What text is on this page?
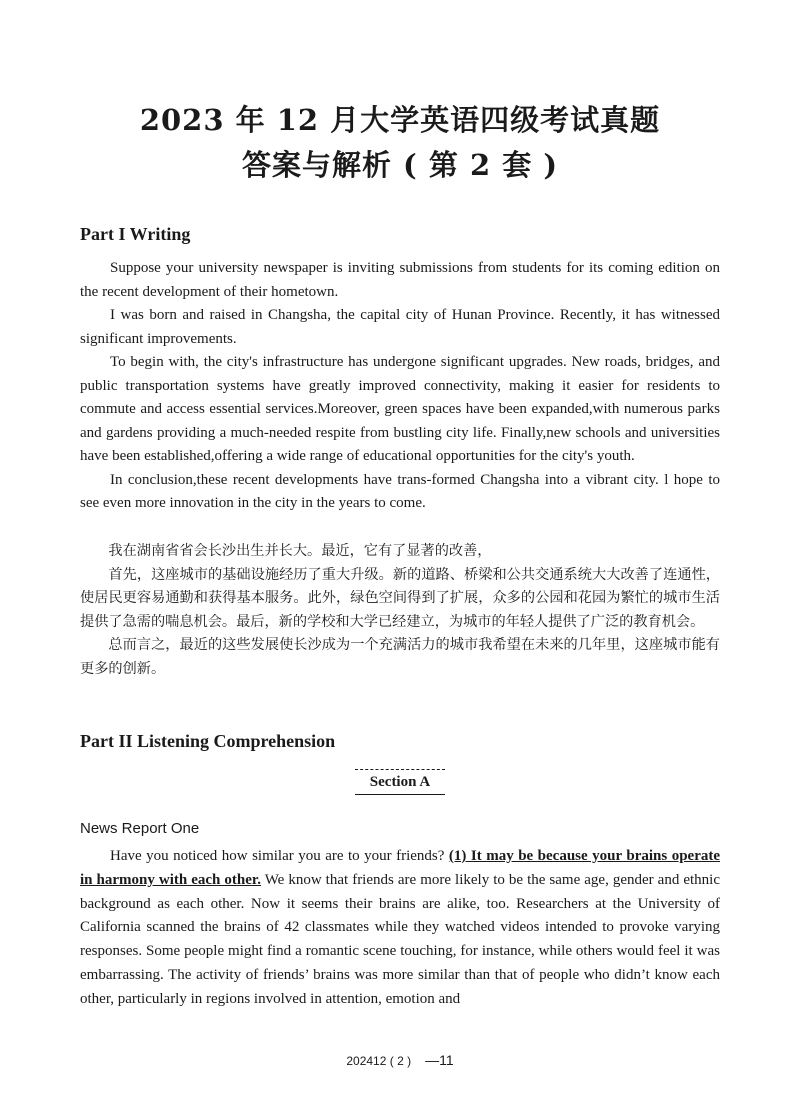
2023 年 12 月大学英语四级考试真题
答案与解析 ( 第 2 套 )
Part I Writing

Suppose your university newspaper is inviting submissions from students for its coming edition on the recent development of their hometown.

I was born and raised in Changsha, the capital city of Hunan Province. Recently, it has witnessed significant improvements.

To begin with, the city's infrastructure has undergone significant upgrades. New roads, bridges, and public transportation systems have greatly improved connectivity, making it easier for residents to commute and access essential services.Moreover, green spaces have been expanded,with numerous parks and gardens providing a much-needed respite from bustling city life. Finally,new schools and universities have been established,offering a wide range of educational opportunities for the city's youth.

In conclusion,these recent developments have trans-formed Changsha into a vibrant city. l hope to see even more innovation in the city in the years to come.

我在湖南省省会长沙出生并长大。最近，它有了显著的改善，

首先，这座城市的基础设施经历了重大升级。新的道路、桥梁和公共交通系统大大改善了连通性，使居民更容易通勤和获得基本服务。此外，绿色空间得到了扩展，众多的公园和花园为繁忙的城市生活提供了急需的喘息机会。最后，新的学校和大学已经建立，为城市的年轻人提供了广泛的教育机会。

总而言之，最近的这些发展使长沙成为一个充满活力的城市我希望在未来的几年里，这座城市能有更多的创新。

Part II Listening Comprehension
Section A
News Report One

Have you noticed how similar you are to your friends? (1) It may be because your brains operate in harmony with each other. We know that friends are more likely to be the same age, gender and ethnic background as each other. Now it seems their brains are alike, too. Researchers at the University of California scanned the brains of 42 classmates while they watched videos intended to provoke varying responses. Some people might find a romantic scene touching, for instance, while others would feel it was embarrassing. The activity of friends’ brains was more similar than that of people who didn’t know each other, particularly in regions involved in attention, emotion and

202412 ( 2 ) —11
